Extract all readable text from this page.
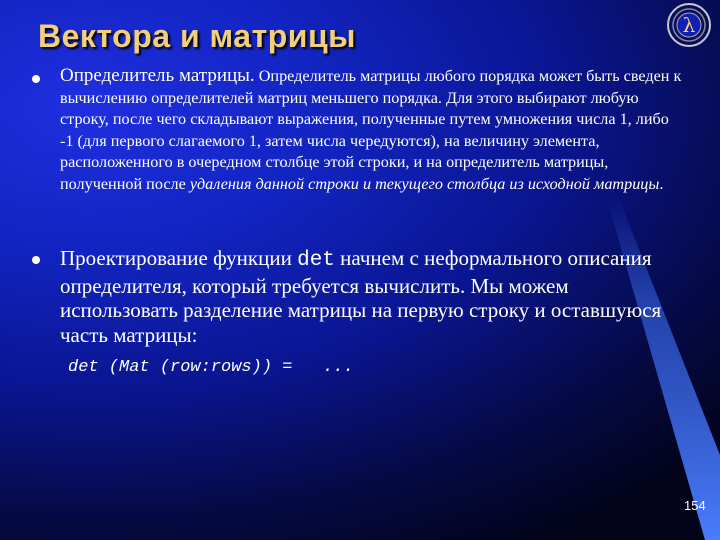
λ
Вектора и матрицы

Определитель матрицы. Определитель матрицы любого порядка может быть сведен к вычислению определителей матриц меньшего порядка. Для этого выбирают любую строку, после чего складывают выражения, полученные путем умножения числа 1, либо -1 (для первого слагаемого 1, затем числа чередуются), на величину элемента, расположенного в очередном столбце этой строки, и на определитель матрицы, полученной после удаления данной строки и текущего столбца из исходной матрицы.

Проектирование функции det начнем с неформального описания определителя, который требуется вычислить. Мы можем использовать разделение матрицы на первую строку и оставшуюся часть матрицы:

det (Mat (row:rows)) =   ...
154
